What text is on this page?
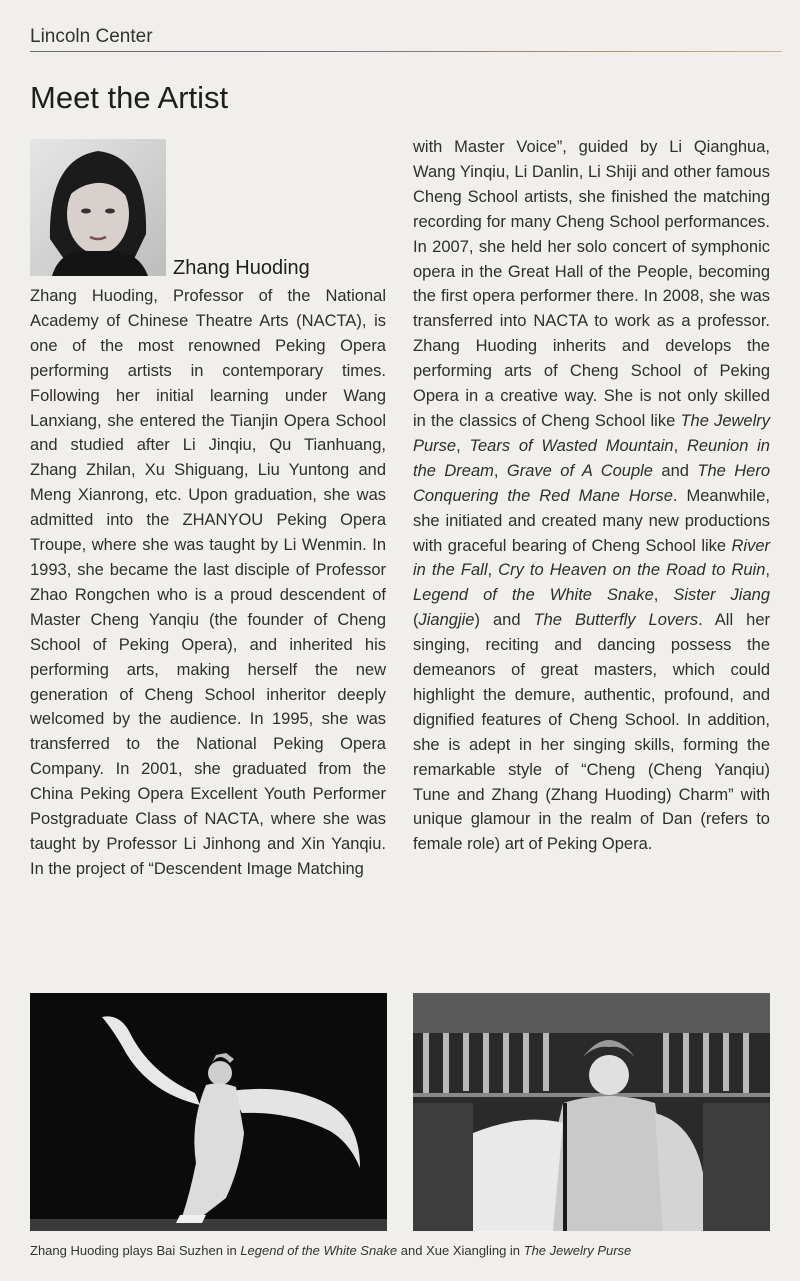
Lincoln Center
Meet the Artist
Zhang Huoding

Zhang Huoding, Professor of the National Academy of Chinese Theatre Arts (NACTA), is one of the most renowned Peking Opera performing artists in contemporary times. Following her initial learning under Wang Lanxiang, she entered the Tianjin Opera School and studied after Li Jinqiu, Qu Tianhuang, Zhang Zhilan, Xu Shiguang, Liu Yuntong and Meng Xianrong, etc. Upon graduation, she was admitted into the ZHANYOU Peking Opera Troupe, where she was taught by Li Wenmin. In 1993, she became the last disciple of Professor Zhao Rongchen who is a proud descendent of Master Cheng Yanqiu (the founder of Cheng School of Peking Opera), and inherited his performing arts, making herself the new generation of Cheng School inheritor deeply welcomed by the audience. In 1995, she was transferred to the National Peking Opera Company. In 2001, she graduated from the China Peking Opera Excellent Youth Performer Postgraduate Class of NACTA, where she was taught by Professor Li Jinhong and Xin Yanqiu. In the project of “Descendent Image Matching

with Master Voice”, guided by Li Qianghua, Wang Yinqiu, Li Danlin, Li Shiji and other famous Cheng School artists, she finished the matching recording for many Cheng School performances. In 2007, she held her solo concert of symphonic opera in the Great Hall of the People, becoming the first opera performer there. In 2008, she was transferred into NACTA to work as a professor. Zhang Huoding inherits and develops the performing arts of Cheng School of Peking Opera in a creative way. She is not only skilled in the classics of Cheng School like The Jewelry Purse, Tears of Wasted Mountain, Reunion in the Dream, Grave of A Couple and The Hero Conquering the Red Mane Horse. Meanwhile, she initiated and created many new productions with graceful bearing of Cheng School like River in the Fall, Cry to Heaven on the Road to Ruin, Legend of the White Snake, Sister Jiang (Jiangjie) and The Butterfly Lovers. All her singing, reciting and dancing possess the demeanors of great masters, which could highlight the demure, authentic, profound, and dignified features of Cheng School. In addition, she is adept in her singing skills, forming the remarkable style of “Cheng (Cheng Yanqiu) Tune and Zhang (Zhang Huoding) Charm” with unique glamour in the realm of Dan (refers to female role) art of Peking Opera.

Zhang Huoding plays Bai Suzhen in Legend of the White Snake and Xue Xiangling in The Jewelry Purse
